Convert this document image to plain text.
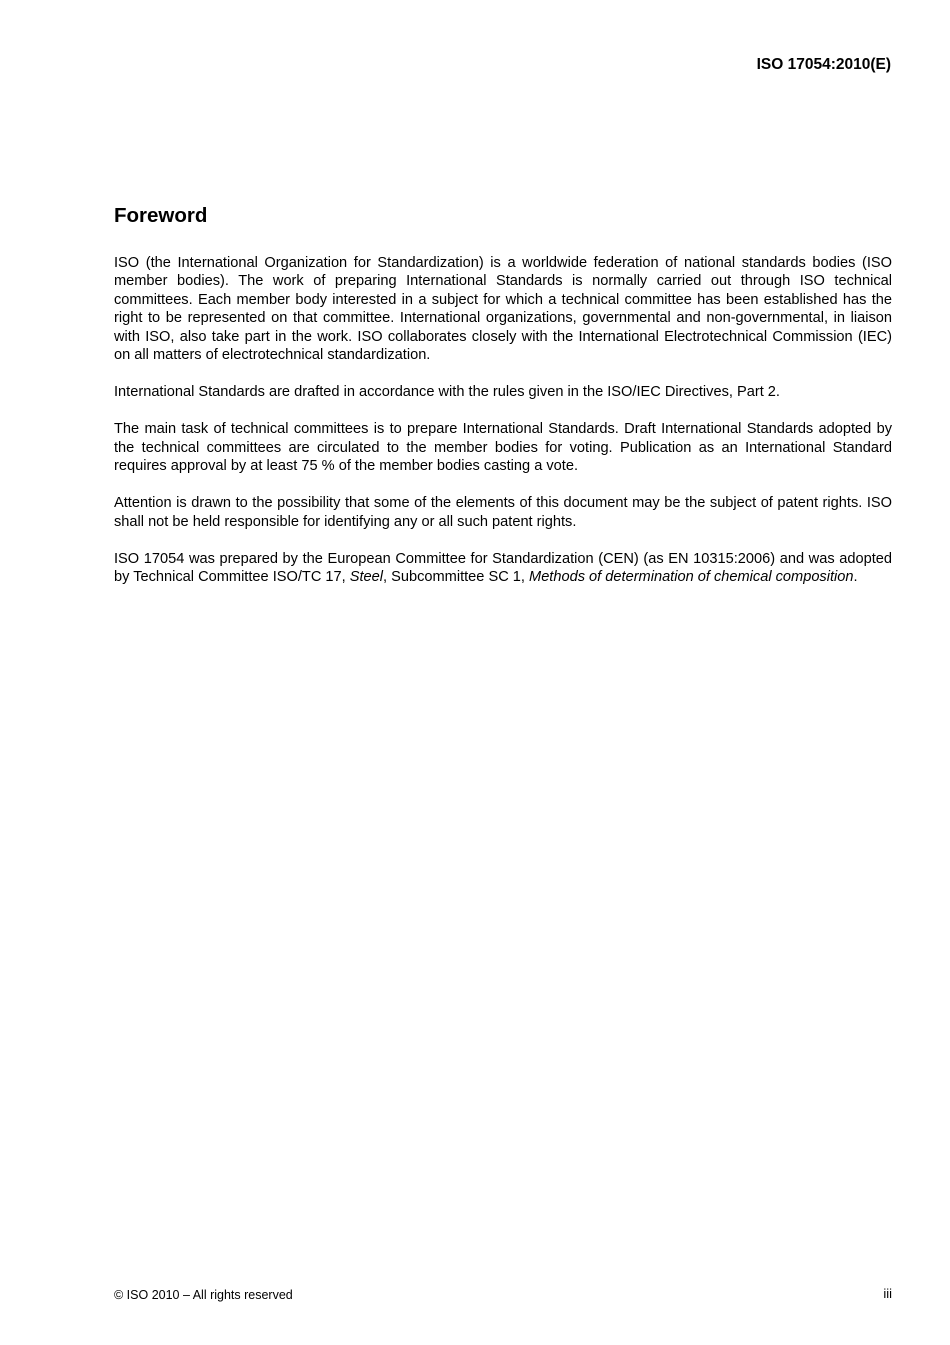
ISO 17054:2010(E)
Foreword

ISO (the International Organization for Standardization) is a worldwide federation of national standards bodies (ISO member bodies). The work of preparing International Standards is normally carried out through ISO technical committees. Each member body interested in a subject for which a technical committee has been established has the right to be represented on that committee. International organizations, governmental and non-governmental, in liaison with ISO, also take part in the work. ISO collaborates closely with the International Electrotechnical Commission (IEC) on all matters of electrotechnical standardization.

International Standards are drafted in accordance with the rules given in the ISO/IEC Directives, Part 2.

The main task of technical committees is to prepare International Standards. Draft International Standards adopted by the technical committees are circulated to the member bodies for voting. Publication as an International Standard requires approval by at least 75 % of the member bodies casting a vote.

Attention is drawn to the possibility that some of the elements of this document may be the subject of patent rights. ISO shall not be held responsible for identifying any or all such patent rights.

ISO 17054 was prepared by the European Committee for Standardization (CEN) (as EN 10315:2006) and was adopted by Technical Committee ISO/TC 17, Steel, Subcommittee SC 1, Methods of determination of chemical composition.

© ISO 2010 – All rights reserved	iii
